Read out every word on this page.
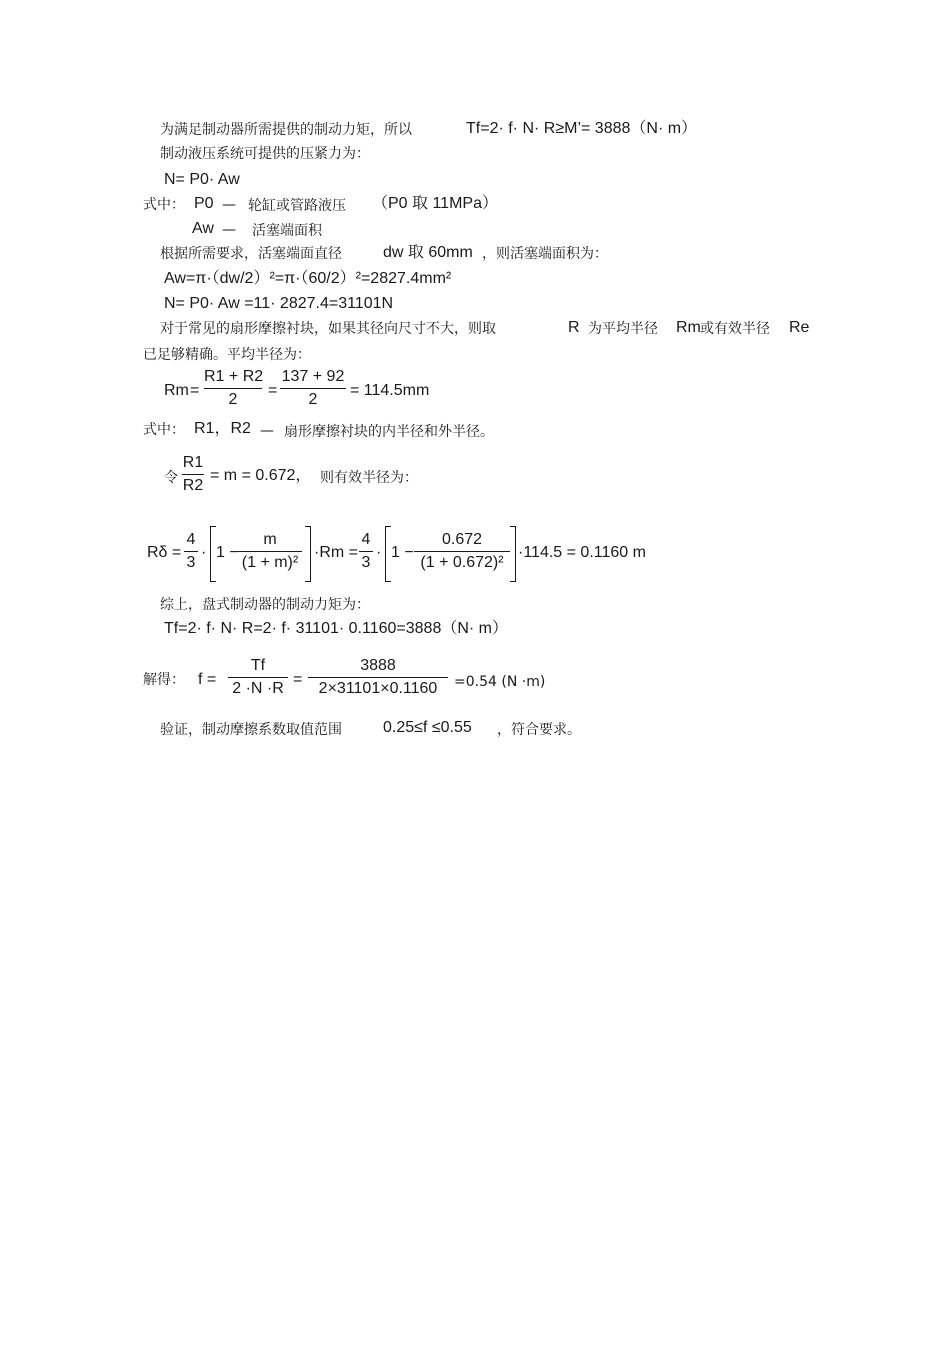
为满足制动器所需提供的制动力矩，所以	Tf=2· f· N· R≥M’= 3888（N· m）
制动液压系统可提供的压紧力为：
N= P0· Aw
式中： P0 — 轮缸或管路液压 （P0 取 11MPa）
Aw — 活塞端面积
根据所需要求，活塞端面直径	dw 取 60mm ，则活塞端面积为：
Aw=π·（dw/2）²=π·（60/2）²=2827.4mm²
N= P0· Aw =11· 2827.4=31101N
对于常见的扇形摩擦衬块，如果其径向尺寸不大，则取	R 为平均半径 Rm 或有效半径 Re
已足够精确。平均半径为：
Rm =
R1 + R2
2
=
137 + 92
2
= 114.5mm
式中： R1，R2 — 扇形摩擦衬块的内半径和外半径。
令
R1
R2
= m = 0.672， 则有效半径为：
Rδ =
4
3
· 1 −
m
(1 + m)²
·Rm =
4
3
· 1 −
0.672
(1 + 0.672)²
·114.5 = 0.1160 m
综上，盘式制动器的制动力矩为：
Tf=2· f· N· R=2· f· 31101· 0.1160=3888（N· m）
解得： f =
Tf
2 ·N ·R
=
3888
2×31101×0.1160	=0.54 (N ·m)
验证，制动摩擦系数取值范围	0.25≤f ≤0.55 ，符合要求。
